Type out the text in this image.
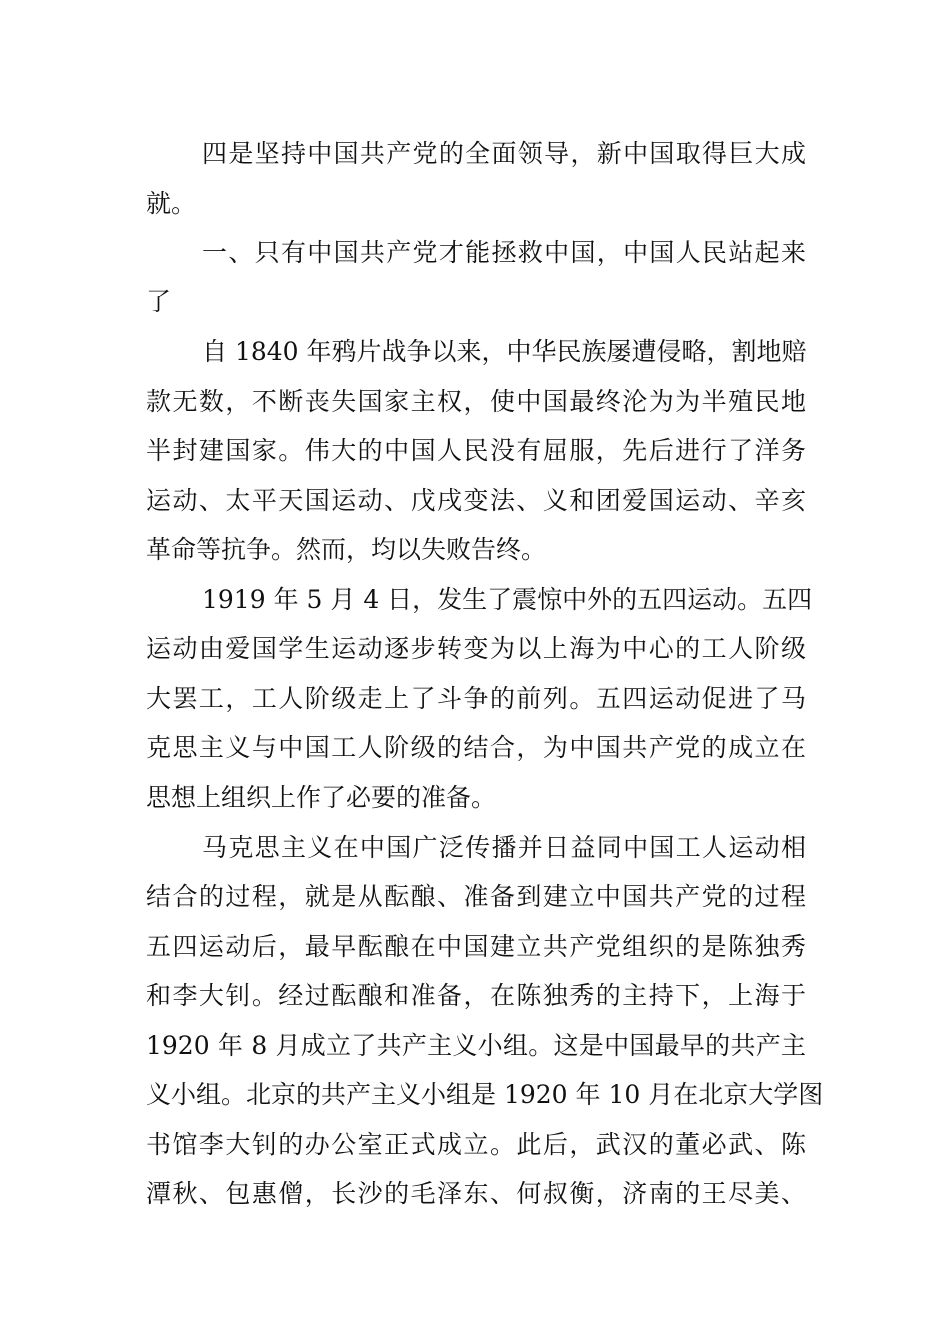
四是坚持中国共产党的全面领导，新中国取得巨大成
就。
一、只有中国共产党才能拯救中国，中国人民站起来
了
自 1840 年鸦片战争以来，中华民族屡遭侵略，割地赔
款无数，不断丧失国家主权，使中国最终沦为为半殖民地
半封建国家。伟大的中国人民没有屈服，先后进行了洋务
运动、太平天国运动、戊戌变法、义和团爱国运动、辛亥
革命等抗争。然而，均以失败告终。
1919 年 5 月 4 日，发生了震惊中外的五四运动。五四
运动由爱国学生运动逐步转变为以上海为中心的工人阶级
大罢工，工人阶级走上了斗争的前列。五四运动促进了马
克思主义与中国工人阶级的结合，为中国共产党的成立在
思想上组织上作了必要的准备。
马克思主义在中国广泛传播并日益同中国工人运动相
结合的过程，就是从酝酿、准备到建立中国共产党的过程
五四运动后，最早酝酿在中国建立共产党组织的是陈独秀
和李大钊。经过酝酿和准备，在陈独秀的主持下，上海于
1920 年 8 月成立了共产主义小组。这是中国最早的共产主
义小组。北京的共产主义小组是 1920 年 10 月在北京大学图
书馆李大钊的办公室正式成立。此后，武汉的董必武、陈
潭秋、包惠僧，长沙的毛泽东、何叔衡，济南的王尽美、
